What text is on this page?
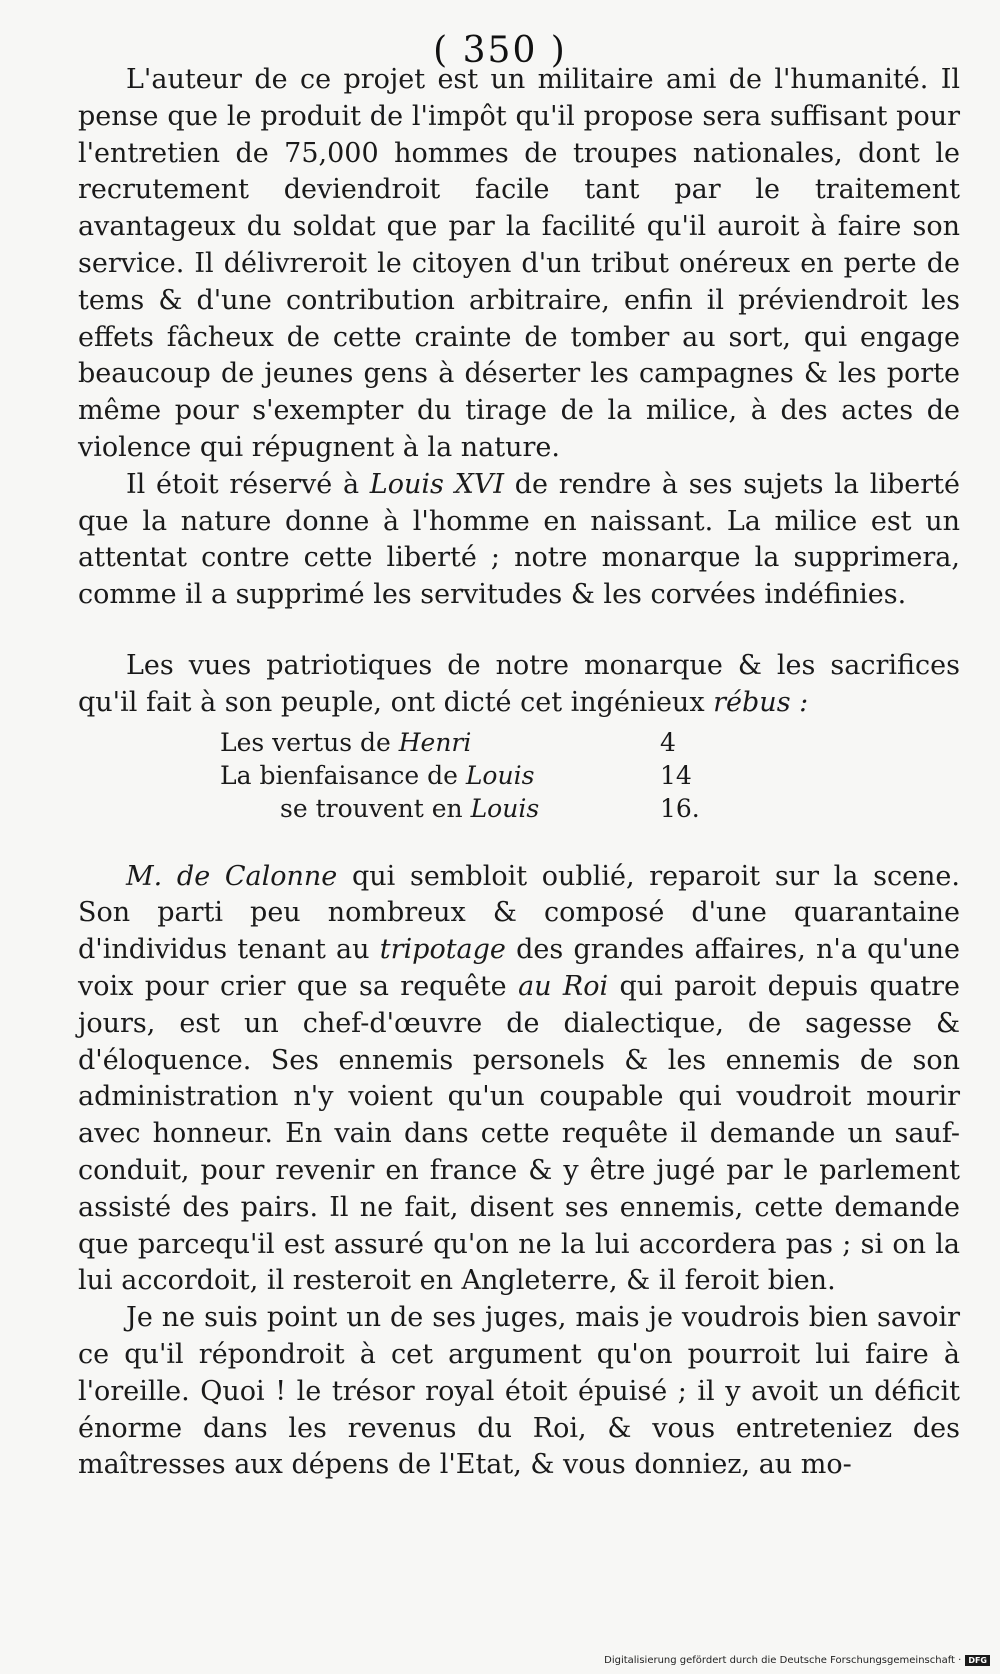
( 350 )

L'auteur de ce projet est un militaire ami de l'humanité. Il pense que le produit de l'impôt qu'il propose sera suffisant pour l'entretien de 75,000 hommes de troupes nationales, dont le recrutement deviendroit facile tant par le traitement avantageux du soldat que par la facilité qu'il auroit à faire son service. Il délivreroit le citoyen d'un tribut onéreux en perte de tems & d'une contribution arbitraire, enfin il préviendroit les effets fâcheux de cette crainte de tomber au sort, qui engage beaucoup de jeunes gens à déserter les campagnes & les porte même pour s'exempter du tirage de la milice, à des actes de violence qui répugnent à la nature.

Il étoit réservé à Louis XVI de rendre à ses sujets la liberté que la nature donne à l'homme en naissant. La milice est un attentat contre cette liberté ; notre monarque la supprimera, comme il a supprimé les servitudes & les corvées indéfinies.

Les vues patriotiques de notre monarque & les sacrifices qu'il fait à son peuple, ont dicté cet ingénieux rébus :

Les vertus de Henri	4
La bienfaisance de Louis	14
se trouvent en Louis	16.

M. de Calonne qui sembloit oublié, reparoit sur la scene. Son parti peu nombreux & composé d'une quarantaine d'individus tenant au tripotage des grandes affaires, n'a qu'une voix pour crier que sa requête au Roi qui paroit depuis quatre jours, est un chef-d'œuvre de dialectique, de sagesse & d'éloquence. Ses ennemis personels & les ennemis de son administration n'y voient qu'un coupable qui voudroit mourir avec honneur. En vain dans cette requête il demande un sauf-conduit, pour revenir en france & y être jugé par le parlement assisté des pairs. Il ne fait, disent ses ennemis, cette demande que parcequ'il est assuré qu'on ne la lui accordera pas ; si on la lui accordoit, il resteroit en Angleterre, & il feroit bien.

Je ne suis point un de ses juges, mais je voudrois bien savoir ce qu'il répondroit à cet argument qu'on pourroit lui faire à l'oreille. Quoi ! le trésor royal étoit épuisé ; il y avoit un déficit énorme dans les revenus du Roi, & vous entreteniez des maîtresses aux dépens de l'Etat, & vous donniez, au mo-

Digitalisierung gefördert durch die Deutsche Forschungsgemeinschaft · DFG
